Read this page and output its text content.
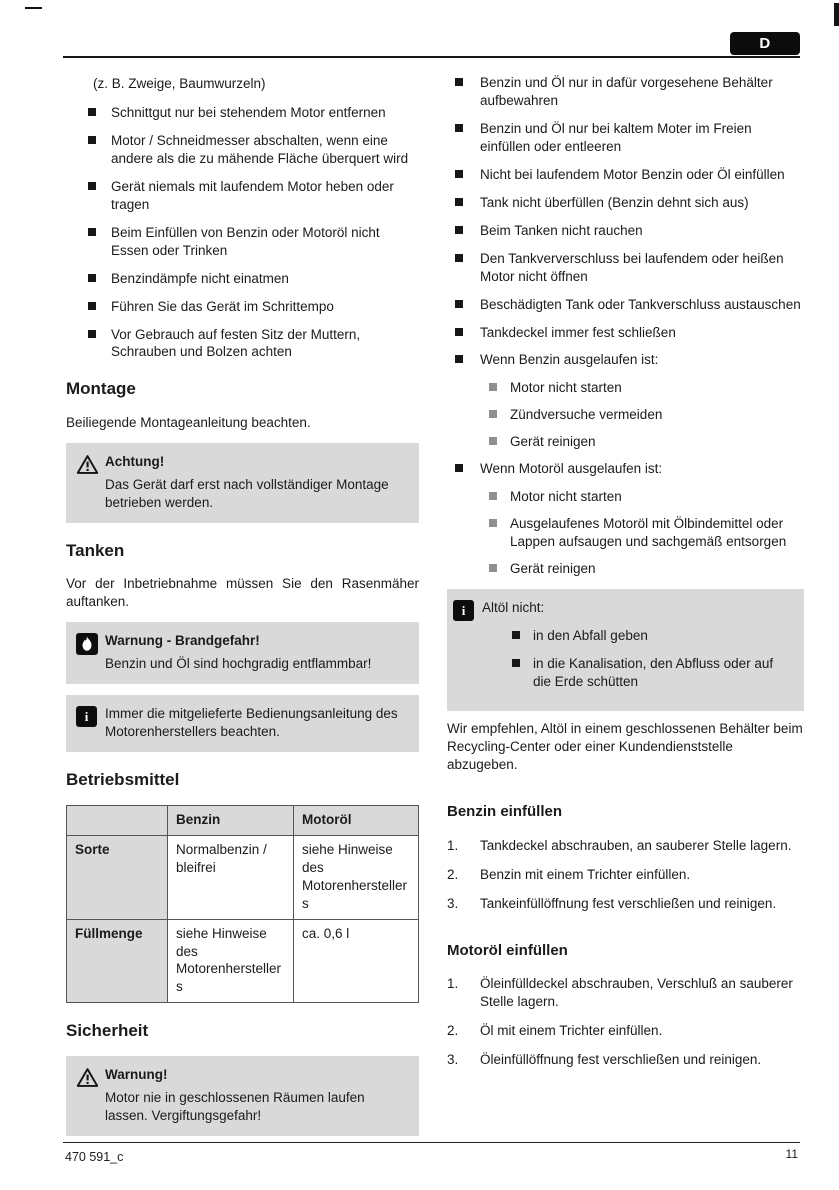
D
(z. B. Zweige, Baumwurzeln)
Schnittgut nur bei stehendem Motor entfernen
Motor / Schneidmesser abschalten, wenn eine andere als die zu mähende Fläche überquert wird
Gerät niemals mit laufendem Motor heben oder tragen
Beim Einfüllen von Benzin oder Motoröl nicht Essen oder Trinken
Benzindämpfe nicht einatmen
Führen Sie das Gerät im Schrittempo
Vor Gebrauch auf festen Sitz der Muttern, Schrauben und Bolzen achten
Montage

Beiliegende Montageanleitung beachten.

Achtung!
Das Gerät darf erst nach vollständiger Montage betrieben werden.
Tanken

Vor der Inbetriebnahme müssen Sie den Rasenmäher auftanken.

Warnung - Brandgefahr!
Benzin und Öl sind hochgradig entflammbar!
i	Immer die mitgelieferte Bedienungsanleitung des Motorenherstellers beachten.
Betriebsmittel
	Benzin	Motoröl
Sorte	Normalbenzin / bleifrei	siehe Hinweise des Motorenherstellers
Füllmenge	siehe Hinweise des Motorenherstellers	ca. 0,6 l
Sicherheit
Warnung!
Motor nie in geschlossenen Räumen laufen lassen. Vergiftungsgefahr!
Benzin und Öl nur in dafür vorgesehene Behälter aufbewahren
Benzin und Öl nur bei kaltem Moter im Freien einfüllen oder entleeren
Nicht bei laufendem Motor Benzin oder Öl einfüllen
Tank nicht überfüllen (Benzin dehnt sich aus)
Beim Tanken nicht rauchen
Den Tankververschluss bei laufendem oder heißen Motor nicht öffnen
Beschädigten Tank oder Tankverschluss austauschen
Tankdeckel immer fest schließen
Wenn Benzin ausgelaufen ist:
Motor nicht starten
Zündversuche vermeiden
Gerät reinigen
Wenn Motoröl ausgelaufen ist:
Motor nicht starten
Ausgelaufenes Motoröl mit Ölbindemittel oder Lappen aufsaugen und sachgemäß entsorgen
Gerät reinigen
i	Altöl nicht:
in den Abfall geben
in die Kanalisation, den Abfluss oder auf die Erde schütten

Wir empfehlen, Altöl in einem geschlossenen Behälter beim Recycling-Center oder einer Kundendienststelle abzugeben.

Benzin einfüllen
1.	Tankdeckel abschrauben, an sauberer Stelle lagern.
2.	Benzin mit einem Trichter einfüllen.
3.	Tankeinfüllöffnung fest verschließen und reinigen.
Motoröl einfüllen
1.	Öleinfülldeckel abschrauben, Verschluß an sauberer Stelle lagern.
2.	Öl mit einem Trichter einfüllen.
3.	Öleinfüllöffnung fest verschließen und reinigen.
470 591_c	11
